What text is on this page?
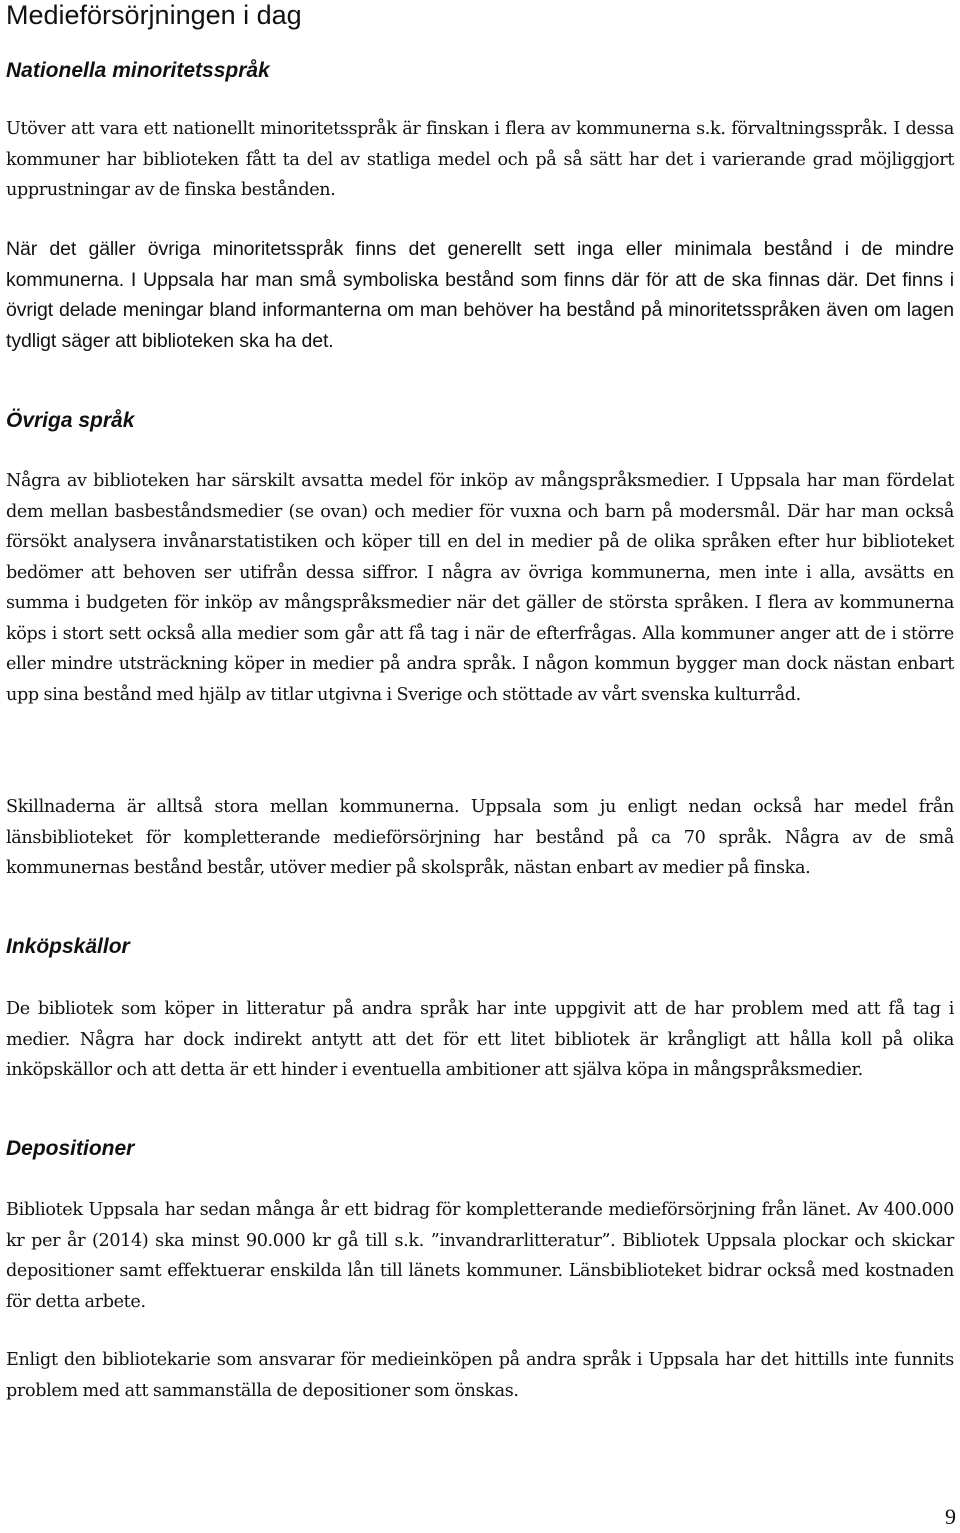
Medieförsörjningen i dag
Nationella minoritetsspråk

Utöver att vara ett nationellt minoritetsspråk är finskan i flera av kommunerna s.k. förvaltningsspråk. I dessa kommuner har biblioteken fått ta del av statliga medel och på så sätt har det i varierande grad möjliggjort upprustningar av de finska bestånden.

När det gäller övriga minoritetsspråk finns det generellt sett inga eller minimala bestånd i de mindre kommunerna. I Uppsala har man små symboliska bestånd som finns där för att de ska finnas där. Det finns i övrigt delade meningar bland informanterna om man behöver ha bestånd på minoritetsspråken även om lagen tydligt säger att biblioteken ska ha det.

Övriga språk

Några av biblioteken har särskilt avsatta medel för inköp av mångspråksmedier. I Uppsala har man fördelat dem mellan basbeståndsmedier (se ovan) och medier för vuxna och barn på modersmål. Där har man också försökt analysera invånarstatistiken och köper till en del in medier på de olika språken efter hur biblioteket bedömer att behoven ser utifrån dessa siffror. I några av övriga kommunerna, men inte i alla, avsätts en summa i budgeten för inköp av mångspråksmedier när det gäller de största språken. I flera av kommunerna köps i stort sett också alla medier som går att få tag i när de efterfrågas. Alla kommuner anger att de i större eller mindre utsträckning köper in medier på andra språk. I någon kommun bygger man dock nästan enbart upp sina bestånd med hjälp av titlar utgivna i Sverige och stöttade av vårt svenska kulturråd.

Skillnaderna är alltså stora mellan kommunerna. Uppsala som ju enligt nedan också har medel från länsbiblioteket för kompletterande medieförsörjning har bestånd på ca 70 språk. Några av de små kommunernas bestånd består, utöver medier på skolspråk, nästan enbart av medier på finska.

Inköpskällor

De bibliotek som köper in litteratur på andra språk har inte uppgivit att de har problem med att få tag i medier. Några har dock indirekt antytt att det för ett litet bibliotek är krångligt att hålla koll på olika inköpskällor och att detta är ett hinder i eventuella ambitioner att själva köpa in mångspråksmedier.

Depositioner

Bibliotek Uppsala har sedan många år ett bidrag för kompletterande medieförsörjning från länet. Av 400.000 kr per år (2014) ska minst 90.000 kr gå till s.k. ”invandrarlitteratur”. Bibliotek Uppsala plockar och skickar depositioner samt effektuerar enskilda lån till länets kommuner. Länsbiblioteket bidrar också med kostnaden för detta arbete.

Enligt den bibliotekarie som ansvarar för medieinköpen på andra språk i Uppsala har det hittills inte funnits problem med att sammanställa de depositioner som önskas.

9
